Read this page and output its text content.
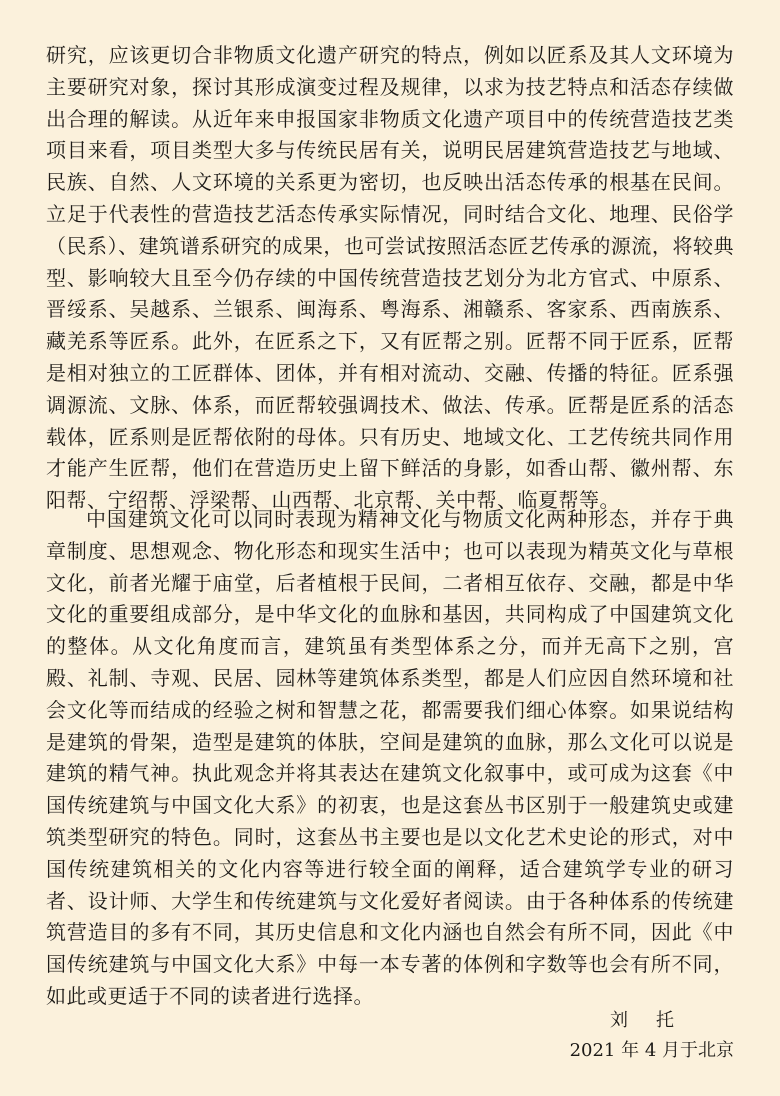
研究，应该更切合非物质文化遗产研究的特点，例如以匠系及其人文环境为主要研究对象，探讨其形成演变过程及规律，以求为技艺特点和活态存续做出合理的解读。从近年来申报国家非物质文化遗产项目中的传统营造技艺类项目来看，项目类型大多与传统民居有关，说明民居建筑营造技艺与地域、民族、自然、人文环境的关系更为密切，也反映出活态传承的根基在民间。立足于代表性的营造技艺活态传承实际情况，同时结合文化、地理、民俗学（民系）、建筑谱系研究的成果，也可尝试按照活态匠艺传承的源流，将较典型、影响较大且至今仍存续的中国传统营造技艺划分为北方官式、中原系、晋绥系、吴越系、兰银系、闽海系、粤海系、湘赣系、客家系、西南族系、藏羌系等匠系。此外，在匠系之下，又有匠帮之别。匠帮不同于匠系，匠帮是相对独立的工匠群体、团体，并有相对流动、交融、传播的特征。匠系强调源流、文脉、体系，而匠帮较强调技术、做法、传承。匠帮是匠系的活态载体，匠系则是匠帮依附的母体。只有历史、地域文化、工艺传统共同作用才能产生匠帮，他们在营造历史上留下鲜活的身影，如香山帮、徽州帮、东阳帮、宁绍帮、浮梁帮、山西帮、北京帮、关中帮、临夏帮等。

中国建筑文化可以同时表现为精神文化与物质文化两种形态，并存于典章制度、思想观念、物化形态和现实生活中；也可以表现为精英文化与草根文化，前者光耀于庙堂，后者植根于民间，二者相互依存、交融，都是中华文化的重要组成部分，是中华文化的血脉和基因，共同构成了中国建筑文化的整体。从文化角度而言，建筑虽有类型体系之分，而并无高下之别，宫殿、礼制、寺观、民居、园林等建筑体系类型，都是人们应因自然环境和社会文化等而结成的经验之树和智慧之花，都需要我们细心体察。如果说结构是建筑的骨架，造型是建筑的体肤，空间是建筑的血脉，那么文化可以说是建筑的精气神。执此观念并将其表达在建筑文化叙事中，或可成为这套《中国传统建筑与中国文化大系》的初衷，也是这套丛书区别于一般建筑史或建筑类型研究的特色。同时，这套丛书主要也是以文化艺术史论的形式，对中国传统建筑相关的文化内容等进行较全面的阐释，适合建筑学专业的研习者、设计师、大学生和传统建筑与文化爱好者阅读。由于各种体系的传统建筑营造目的多有不同，其历史信息和文化内涵也自然会有所不同，因此《中国传统建筑与中国文化大系》中每一本专著的体例和字数等也会有所不同，如此或更适于不同的读者进行选择。

刘托
2021 年 4 月于北京
